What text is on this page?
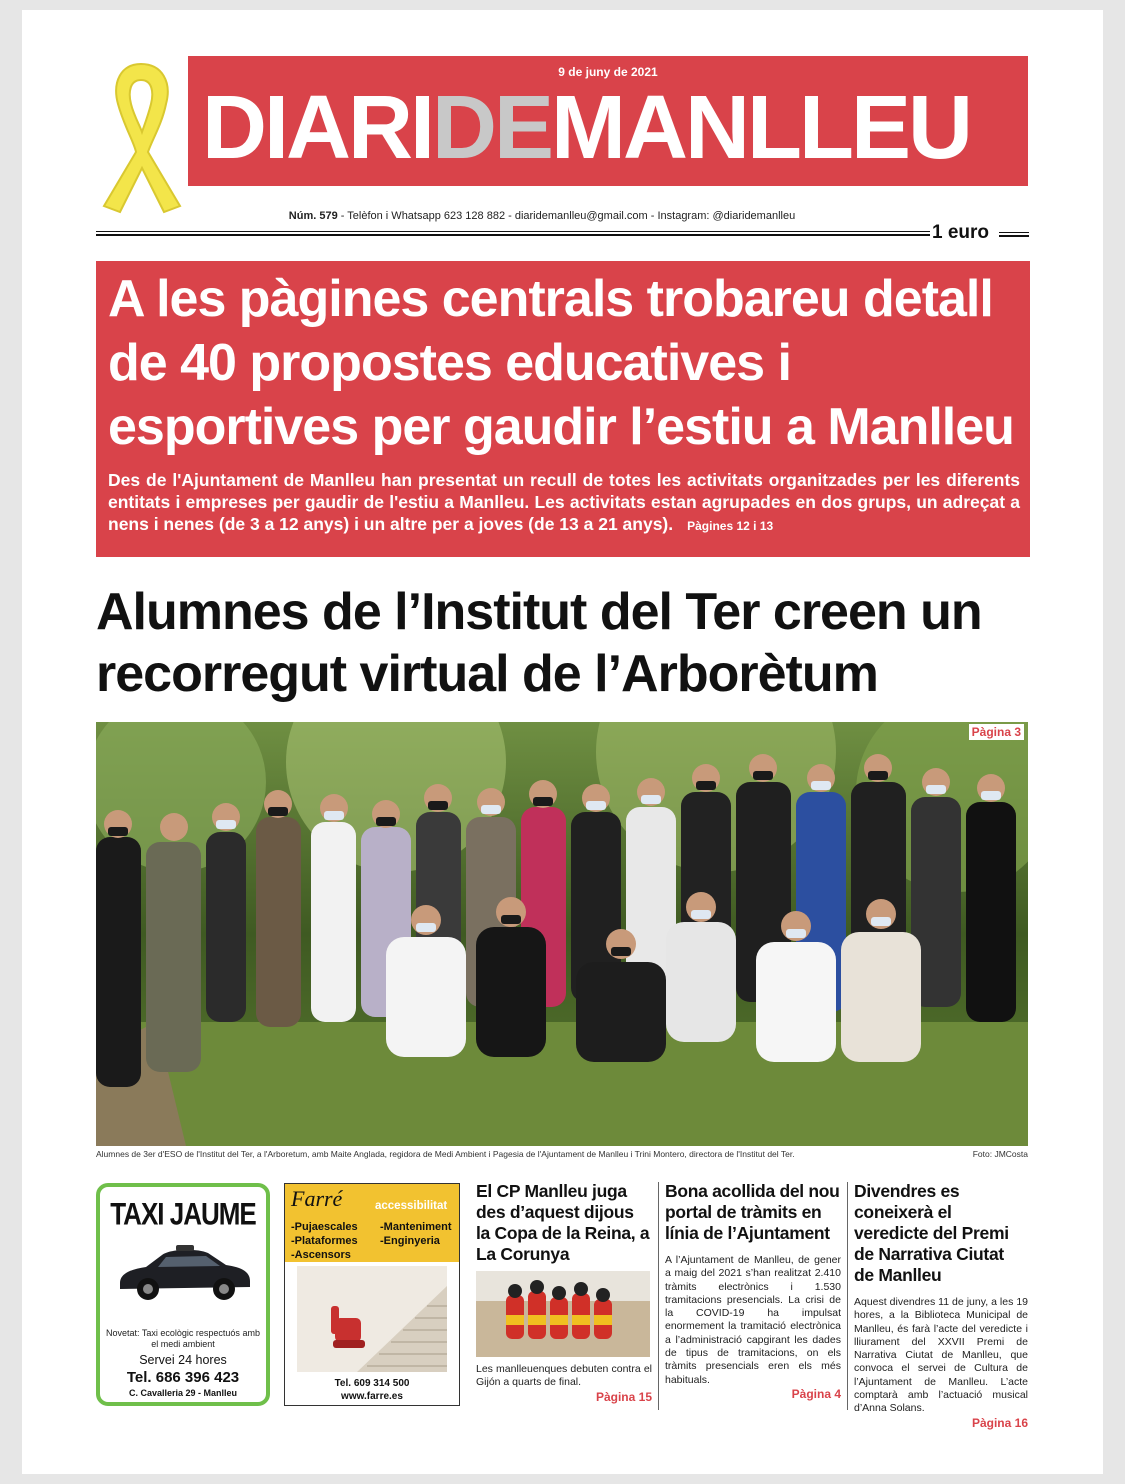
9 de juny de 2021
DIARIDEMANLLEU
Núm. 579 - Telèfon i Whatsapp 623 128 882 - diaridemanlleu@gmail.com - Instagram: @diaridemanlleu
1 euro
A les pàgines centrals trobareu detall de 40 propostes educatives i esportives per gaudir l’estiu a Manlleu
Des de l'Ajuntament de Manlleu han presentat un recull de totes les activitats organitzades per les diferents entitats i empreses per gaudir de l'estiu a Manlleu. Les activitats estan agrupades en dos grups, un adreçat a nens i nenes (de 3 a 12 anys) i un altre per a joves (de 13 a 21 anys). Pàgines 12 i 13
Alumnes de l’Institut del Ter creen un recorregut virtual de l’Arborètum
Pàgina 3
Alumnes de 3er d'ESO de l'Institut del Ter, a l'Arboretum, amb Maite Anglada, regidora de Medi Ambient i Pagesia de l'Ajuntament de Manlleu i Trini Montero, directora de l'Institut del Ter.	Foto: JMCosta
TAXI JAUME
Novetat: Taxi ecològic respectuós amb el medi ambient
Servei 24 hores
Tel. 686 396 423
C. Cavalleria 29 - Manlleu
Farré	accessibilitat
-Pujaescales
-Plataformes
-Ascensors
-Manteniment
-Enginyeria
Tel. 609 314 500
www.farre.es
El CP Manlleu juga des d’aquest dijous la Copa de la Reina, a La Corunya
Les manlleuenques debuten contra el Gijón a quarts de final.
Pàgina 15
Bona acollida del nou portal de tràmits en línia de l’Ajuntament
A l’Ajuntament de Manlleu, de gener a maig del 2021 s’han realitzat 2.410 tràmits electrònics i 1.530 tramitacions presencials. La crisi de la COVID-19 ha impulsat enormement la tramitació electrònica a l’administració capgirant les dades de tipus de tramitacions, on els tràmits presencials eren els més habituals.
Pàgina 4
Divendres es coneixerà el veredicte del Premi de Narrativa Ciutat de Manlleu
Aquest divendres 11 de juny, a les 19 hores, a la Biblioteca Municipal de Manlleu, és farà l’acte del veredicte i lliurament del XXVII Premi de Narrativa Ciutat de Manlleu, que convoca el servei de Cultura de l’Ajuntament de Manlleu. L’acte comptarà amb l’actuació musical d’Anna Solans.
Pàgina 16
